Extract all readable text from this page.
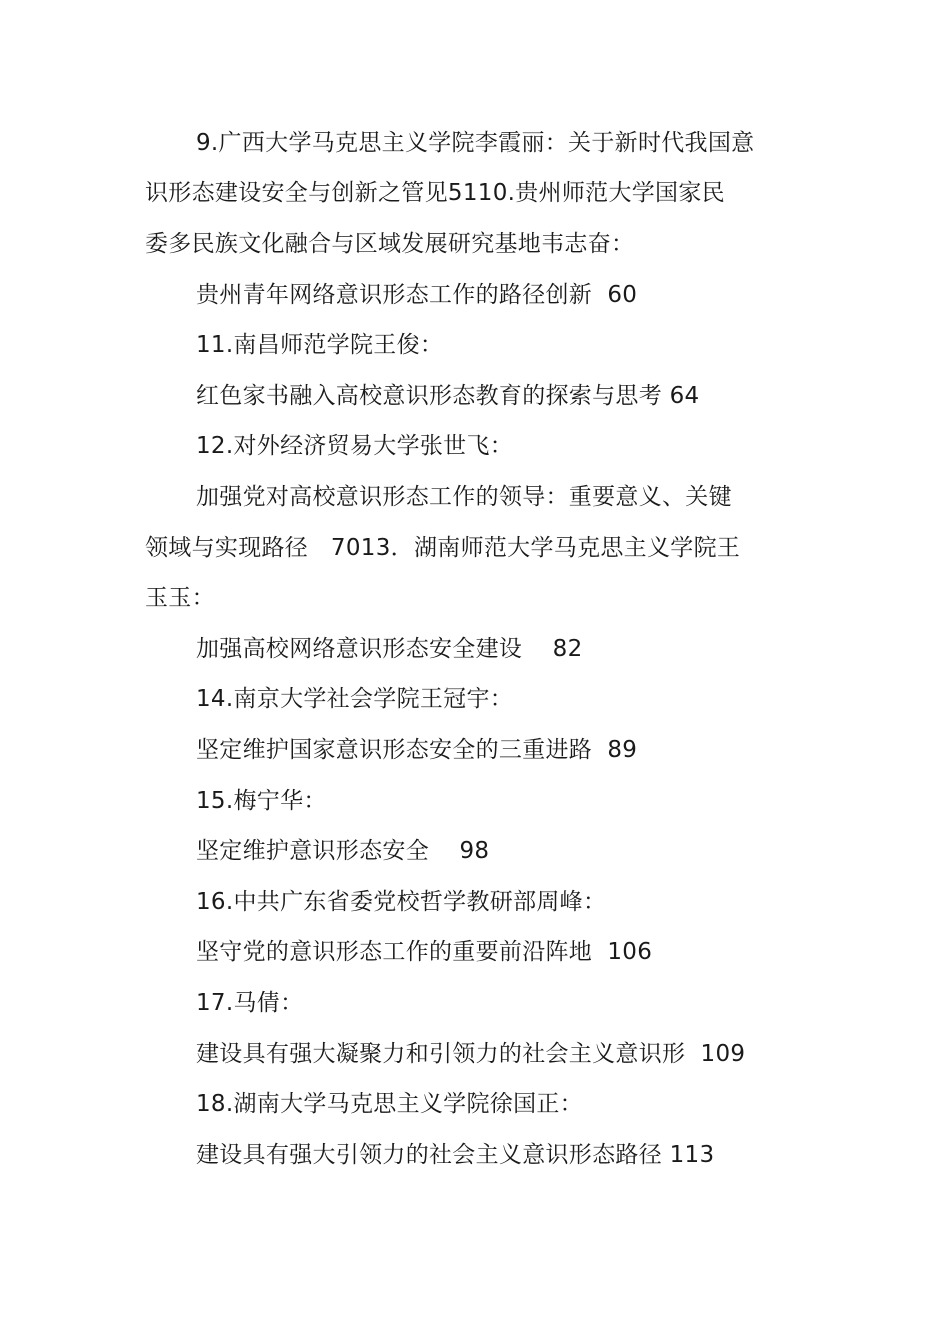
9.广西大学马克思主义学院李霞丽：关于新时代我国意
识形态建设安全与创新之管见5110.贵州师范大学国家民
委多民族文化融合与区域发展研究基地韦志奋：
贵州青年网络意识形态工作的路径创新  60
11.南昌师范学院王俊：
红色家书融入高校意识形态教育的探索与思考 64
12.对外经济贸易大学张世飞：
加强党对高校意识形态工作的领导：重要意义、关键
领域与实现路径   7013．湖南师范大学马克思主义学院王
玉玉：
加强高校网络意识形态安全建设    82
14.南京大学社会学院王冠宇：
坚定维护国家意识形态安全的三重进路  89
15.梅宁华：
坚定维护意识形态安全    98
16.中共广东省委党校哲学教研部周峰：
坚守党的意识形态工作的重要前沿阵地  106
17.马倩：
建设具有强大凝聚力和引领力的社会主义意识形  109
18.湖南大学马克思主义学院徐国正：
建设具有强大引领力的社会主义意识形态路径 113
